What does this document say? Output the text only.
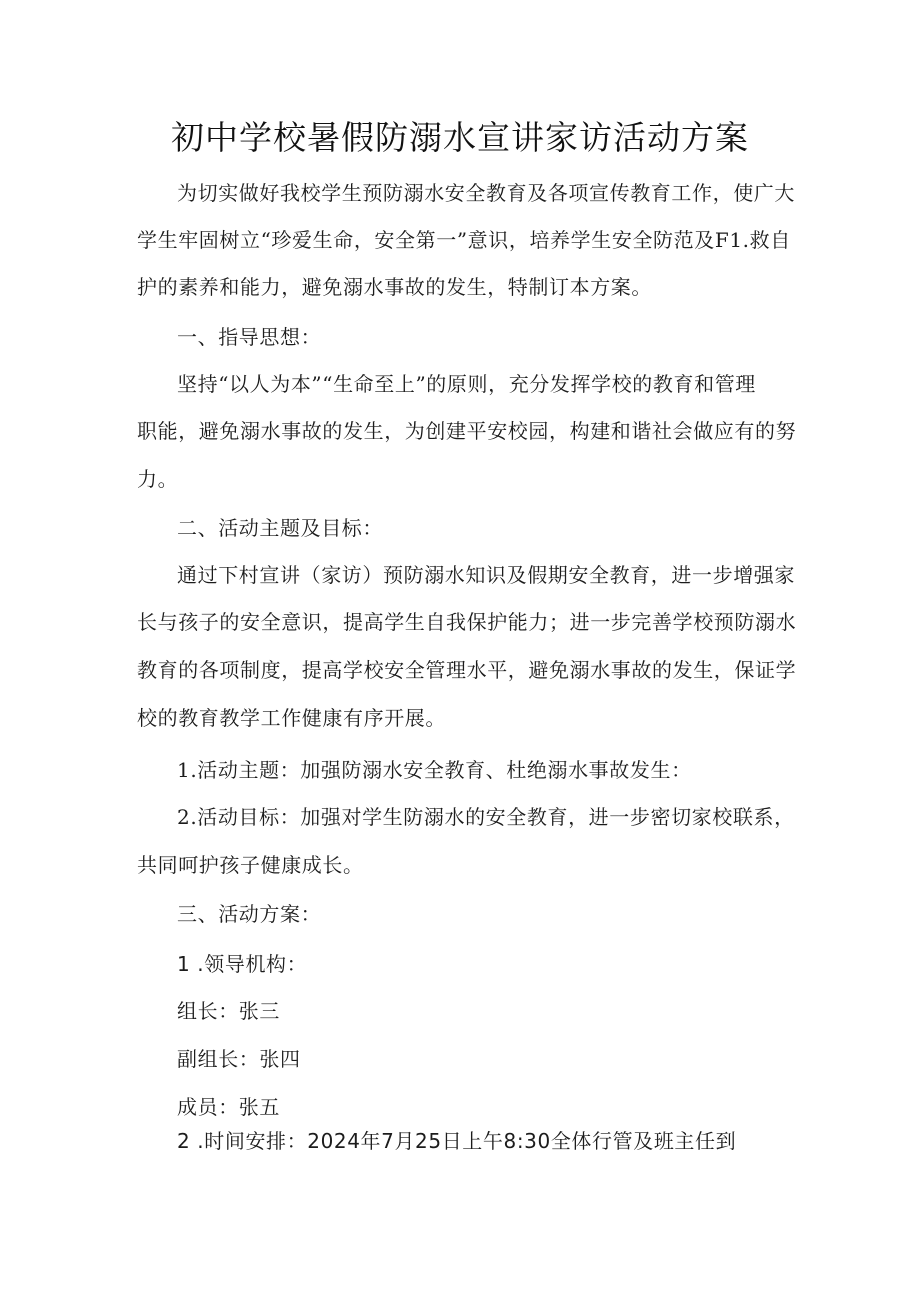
初中学校暑假防溺水宣讲家访活动方案
为切实做好我校学生预防溺水安全教育及各项宣传教育工作，使广大
学生牢固树立“珍爱生命，安全第一”意识，培养学生安全防范及F1.救自
护的素养和能力，避免溺水事故的发生，特制订本方案。
一、指导思想：
坚持“以人为本”“生命至上”的原则，充分发挥学校的教育和管理
职能，避免溺水事故的发生，为创建平安校园，构建和谐社会做应有的努
力。
二、活动主题及目标：
通过下村宣讲（家访）预防溺水知识及假期安全教育，进一步增强家
长与孩子的安全意识，提高学生自我保护能力；进一步完善学校预防溺水
教育的各项制度，提高学校安全管理水平，避免溺水事故的发生，保证学
校的教育教学工作健康有序开展。
1.活动主题：加强防溺水安全教育、杜绝溺水事故发生：
2.活动目标：加强对学生防溺水的安全教育，进一步密切家校联系，
共同呵护孩子健康成长。
三、活动方案：
1 .领导机构：
组长：张三
副组长：张四
成员：张五
2 .时间安排：2024年7月25日上午8:30全体行管及班主任到
